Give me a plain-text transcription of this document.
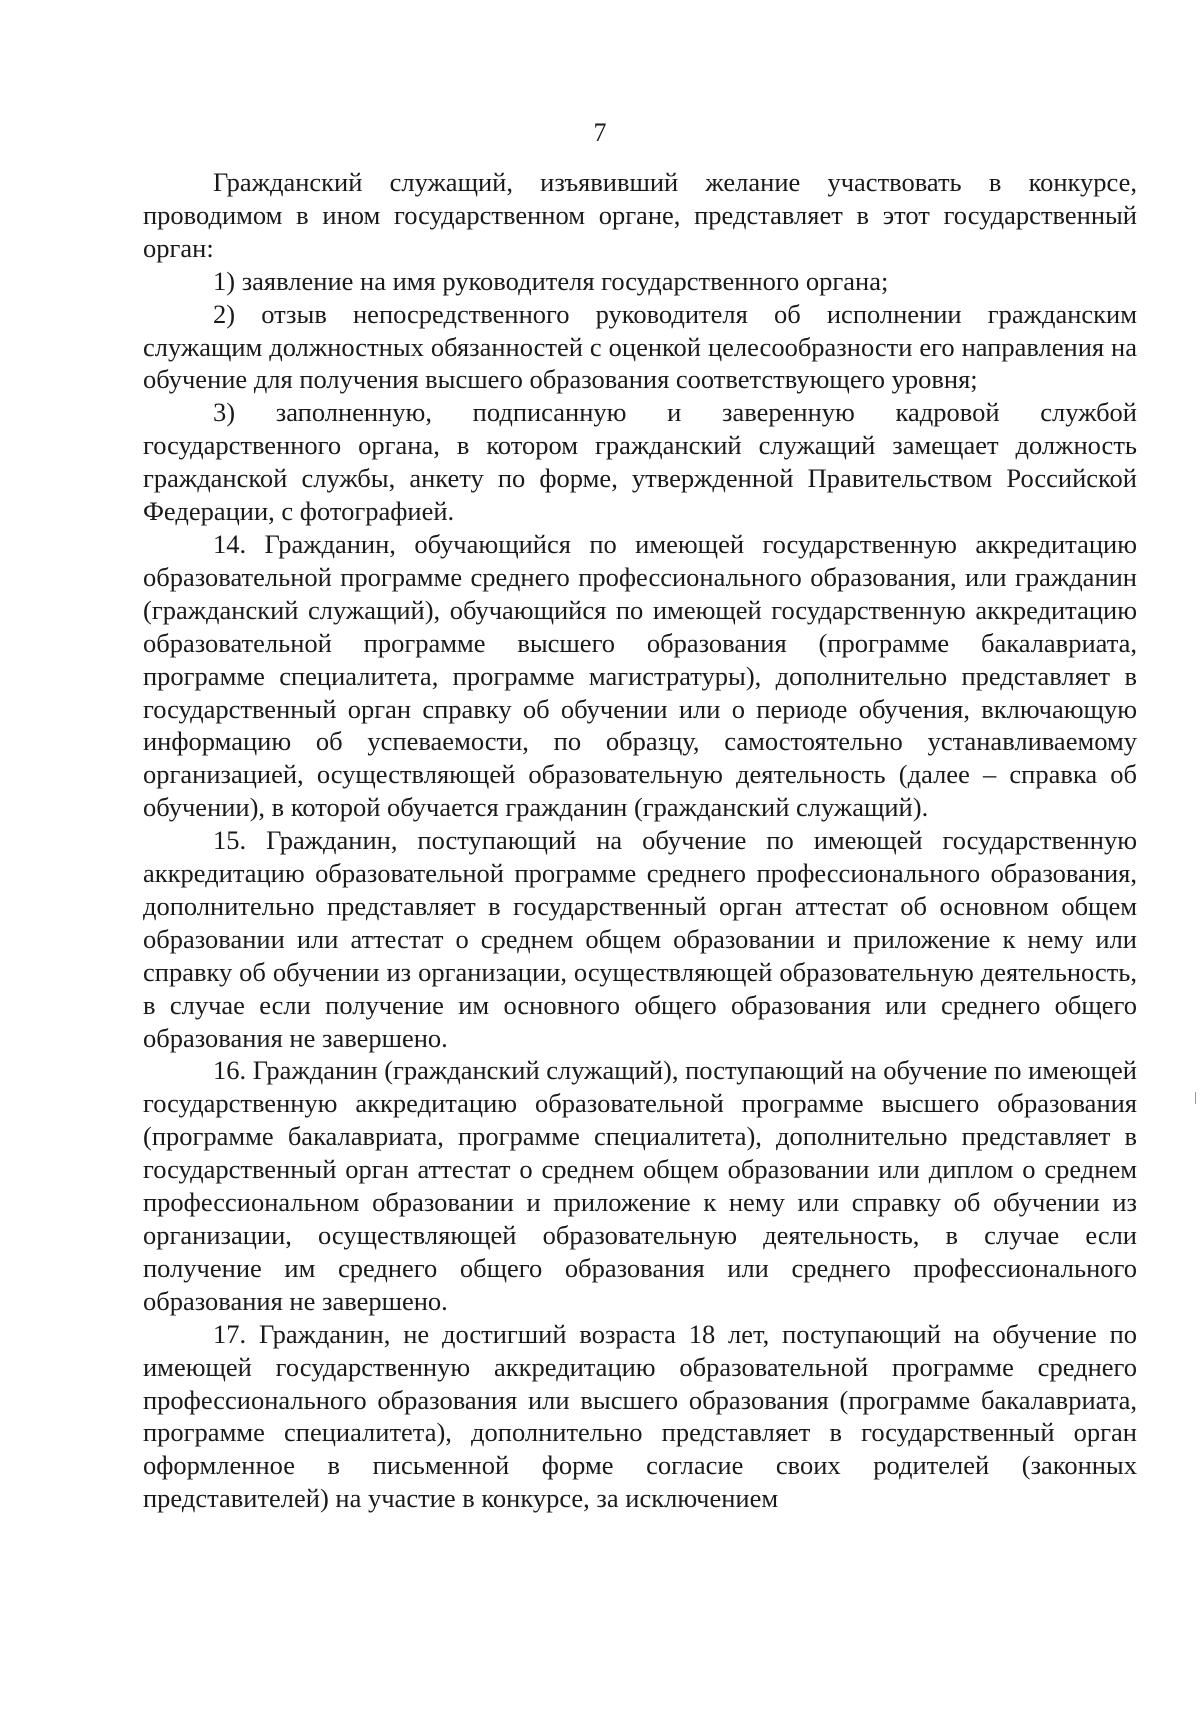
7

Гражданский служащий, изъявивший желание участвовать в конкурсе, проводимом в ином государственном органе, представляет в этот государственный орган:

1) заявление на имя руководителя государственного органа;

2) отзыв непосредственного руководителя об исполнении гражданским служащим должностных обязанностей с оценкой целесообразности его направления на обучение для получения высшего образования соответствующего уровня;

3) заполненную, подписанную и заверенную кадровой службой государственного органа, в котором гражданский служащий замещает должность гражданской службы, анкету по форме, утвержденной Правительством Российской Федерации, с фотографией.

14. Гражданин, обучающийся по имеющей государственную аккредитацию образовательной программе среднего профессионального образования, или гражданин (гражданский служащий), обучающийся по имеющей государственную аккредитацию образовательной программе высшего образования (программе бакалавриата, программе специалитета, программе магистратуры), дополнительно представляет в государственный орган справку об обучении или о периоде обучения, включающую информацию об успеваемости, по образцу, самостоятельно устанавливаемому организацией, осуществляющей образовательную деятельность (далее – справка об обучении), в которой обучается гражданин (гражданский служащий).

15. Гражданин, поступающий на обучение по имеющей государственную аккредитацию образовательной программе среднего профессионального образования, дополнительно представляет в государственный орган аттестат об основном общем образовании или аттестат о среднем общем образовании и приложение к нему или справку об обучении из организации, осуществляющей образовательную деятельность, в случае если получение им основного общего образования или среднего общего образования не завершено.

16. Гражданин (гражданский служащий), поступающий на обучение по имеющей государственную аккредитацию образовательной программе высшего образования (программе бакалавриата, программе специалитета), дополнительно представляет в государственный орган аттестат о среднем общем образовании или диплом о среднем профессиональном образовании и приложение к нему или справку об обучении из организации, осуществляющей образовательную деятельность, в случае если получение им среднего общего образования или среднего профессионального образования не завершено.

17. Гражданин, не достигший возраста 18 лет, поступающий на обучение по имеющей государственную аккредитацию образовательной программе среднего профессионального образования или высшего образования (программе бакалавриата, программе специалитета), дополнительно представляет в государственный орган оформленное в письменной форме согласие своих родителей (законных представителей) на участие в конкурсе, за исключением
